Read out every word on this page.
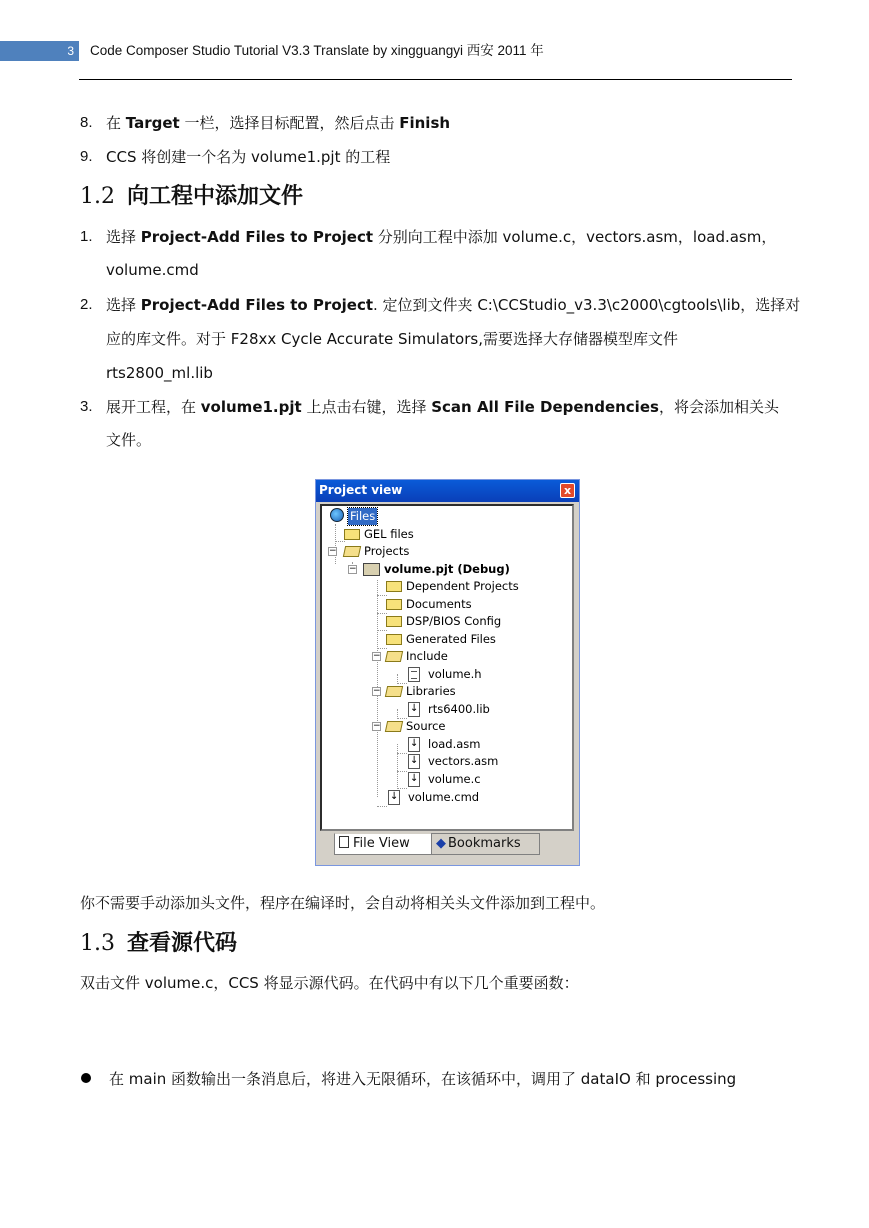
3 Code Composer Studio Tutorial V3.3 Translate by xingguangyi 西安 2011 年
8. 在 Target 一栏，选择目标配置，然后点击 Finish
9. CCS 将创建一个名为 volume1.pjt 的工程
1.2 向工程中添加文件
1. 选择 Project-Add Files to Project 分别向工程中添加 volume.c，vectors.asm，load.asm，
volume.cmd
2. 选择 Project-Add Files to Project. 定位到文件夹 C:\CCStudio_v3.3\c2000\cgtools\lib，选择对
应的库文件。对于 F28xx Cycle Accurate Simulators,需要选择大存储器模型库文件
rts2800_ml.lib
3. 展开工程，在 volume1.pjt 上点击右键，选择 Scan All File Dependencies，将会添加相关头
文件。
Project view	x
Files
GEL files
− Projects
− volume.pjt (Debug)
Dependent Projects
Documents
DSP/BIOS Config
Generated Files
− Include
volume.h
− Libraries
↓
rts6400.lib
− Source
↓
load.asm
↓
vectors.asm
↓
volume.c
↓
volume.cmd
File View	◆ Bookmarks
你不需要手动添加头文件，程序在编译时，会自动将相关头文件添加到工程中。
1.3 查看源代码
双击文件 volume.c，CCS 将显示源代码。在代码中有以下几个重要函数：
在 main 函数输出一条消息后，将进入无限循环，在该循环中，调用了 dataIO 和 processing
